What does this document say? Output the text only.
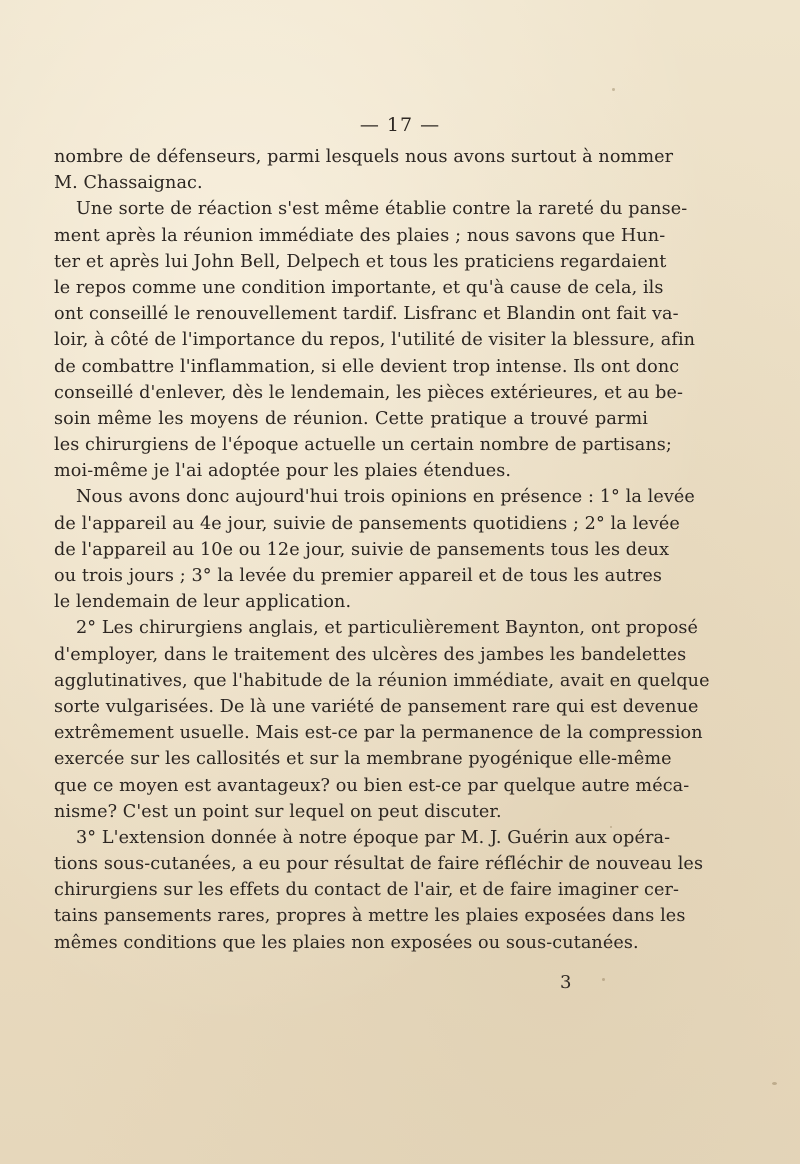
— 17 —
nombre de défenseurs, parmi lesquels nous avons surtout à nommer
M. Chassaignac.
Une sorte de réaction s'est même établie contre la rareté du panse-
ment après la réunion immédiate des plaies ; nous savons que Hun-
ter et après lui John Bell, Delpech et tous les praticiens regardaient
le repos comme une condition importante, et qu'à cause de cela, ils
ont conseillé le renouvellement tardif. Lisfranc et Blandin ont fait va-
loir, à côté de l'importance du repos, l'utilité de visiter la blessure, afin
de combattre l'inflammation, si elle devient trop intense. Ils ont donc
conseillé d'enlever, dès le lendemain, les pièces extérieures, et au be-
soin même les moyens de réunion. Cette pratique a trouvé parmi
les chirurgiens de l'époque actuelle un certain nombre de partisans;
moi-même je l'ai adoptée pour les plaies étendues.
Nous avons donc aujourd'hui trois opinions en présence : 1° la levée
de l'appareil au 4e jour, suivie de pansements quotidiens ; 2° la levée
de l'appareil au 10e ou 12e jour, suivie de pansements tous les deux
ou trois jours ; 3° la levée du premier appareil et de tous les autres
le lendemain de leur application.
2° Les chirurgiens anglais, et particulièrement Baynton, ont proposé
d'employer, dans le traitement des ulcères des jambes les bandelettes
agglutinatives, que l'habitude de la réunion immédiate, avait en quelque
sorte vulgarisées. De là une variété de pansement rare qui est devenue
extrêmement usuelle. Mais est-ce par la permanence de la compression
exercée sur les callosités et sur la membrane pyogénique elle-même
que ce moyen est avantageux? ou bien est-ce par quelque autre méca-
nisme? C'est un point sur lequel on peut discuter.
3° L'extension donnée à notre époque par M. J. Guérin aux opéra-
tions sous-cutanées, a eu pour résultat de faire réfléchir de nouveau les
chirurgiens sur les effets du contact de l'air, et de faire imaginer cer-
tains pansements rares, propres à mettre les plaies exposées dans les
mêmes conditions que les plaies non exposées ou sous-cutanées.
3
